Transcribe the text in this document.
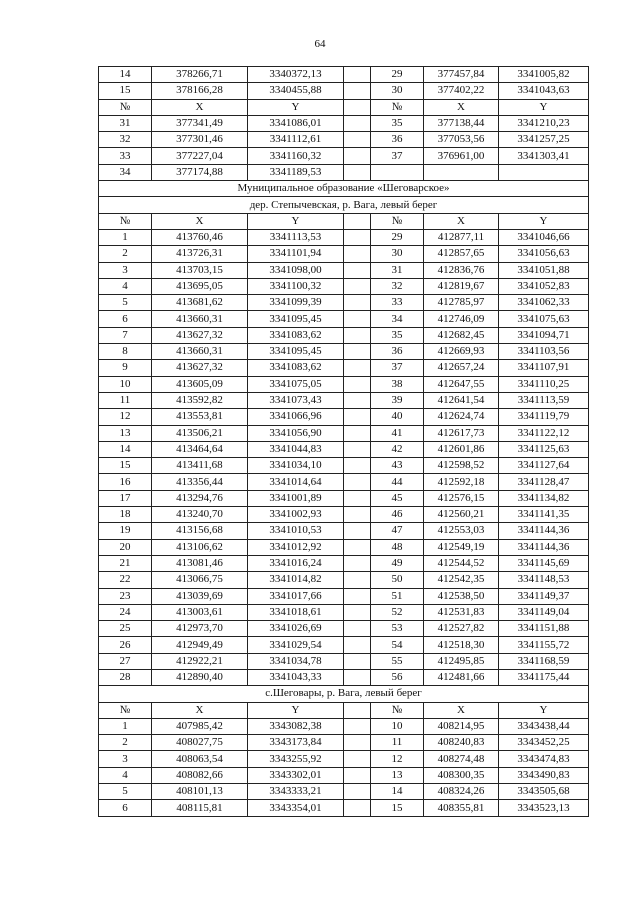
64
14	378266,71	3340372,13		29	377457,84	3341005,82
15	378166,28	3340455,88		30	377402,22	3341043,63
№	X	Y		№	X	Y
31	377341,49	3341086,01		35	377138,44	3341210,23
32	377301,46	3341112,61		36	377053,56	3341257,25
33	377227,04	3341160,32		37	376961,00	3341303,41
34	377174,88	3341189,53				
Муниципальное образование «Шеговарское»						
дер. Степычевская, р. Вага, левый берег						
№	X	Y		№	X	Y
1	413760,46	3341113,53		29	412877,11	3341046,66
2	413726,31	3341101,94		30	412857,65	3341056,63
3	413703,15	3341098,00		31	412836,76	3341051,88
4	413695,05	3341100,32		32	412819,67	3341052,83
5	413681,62	3341099,39		33	412785,97	3341062,33
6	413660,31	3341095,45		34	412746,09	3341075,63
7	413627,32	3341083,62		35	412682,45	3341094,71
8	413660,31	3341095,45		36	412669,93	3341103,56
9	413627,32	3341083,62		37	412657,24	3341107,91
10	413605,09	3341075,05		38	412647,55	3341110,25
11	413592,82	3341073,43		39	412641,54	3341113,59
12	413553,81	3341066,96		40	412624,74	3341119,79
13	413506,21	3341056,90		41	412617,73	3341122,12
14	413464,64	3341044,83		42	412601,86	3341125,63
15	413411,68	3341034,10		43	412598,52	3341127,64
16	413356,44	3341014,64		44	412592,18	3341128,47
17	413294,76	3341001,89		45	412576,15	3341134,82
18	413240,70	3341002,93		46	412560,21	3341141,35
19	413156,68	3341010,53		47	412553,03	3341144,36
20	413106,62	3341012,92		48	412549,19	3341144,36
21	413081,46	3341016,24		49	412544,52	3341145,69
22	413066,75	3341014,82		50	412542,35	3341148,53
23	413039,69	3341017,66		51	412538,50	3341149,37
24	413003,61	3341018,61		52	412531,83	3341149,04
25	412973,70	3341026,69		53	412527,82	3341151,88
26	412949,49	3341029,54		54	412518,30	3341155,72
27	412922,21	3341034,78		55	412495,85	3341168,59
28	412890,40	3341043,33		56	412481,66	3341175,44
с.Шеговары, р. Вага, левый берег						
№	X	Y		№	X	Y
1	407985,42	3343082,38		10	408214,95	3343438,44
2	408027,75	3343173,84		11	408240,83	3343452,25
3	408063,54	3343255,92		12	408274,48	3343474,83
4	408082,66	3343302,01		13	408300,35	3343490,83
5	408101,13	3343333,21		14	408324,26	3343505,68
6	408115,81	3343354,01		15	408355,81	3343523,13
